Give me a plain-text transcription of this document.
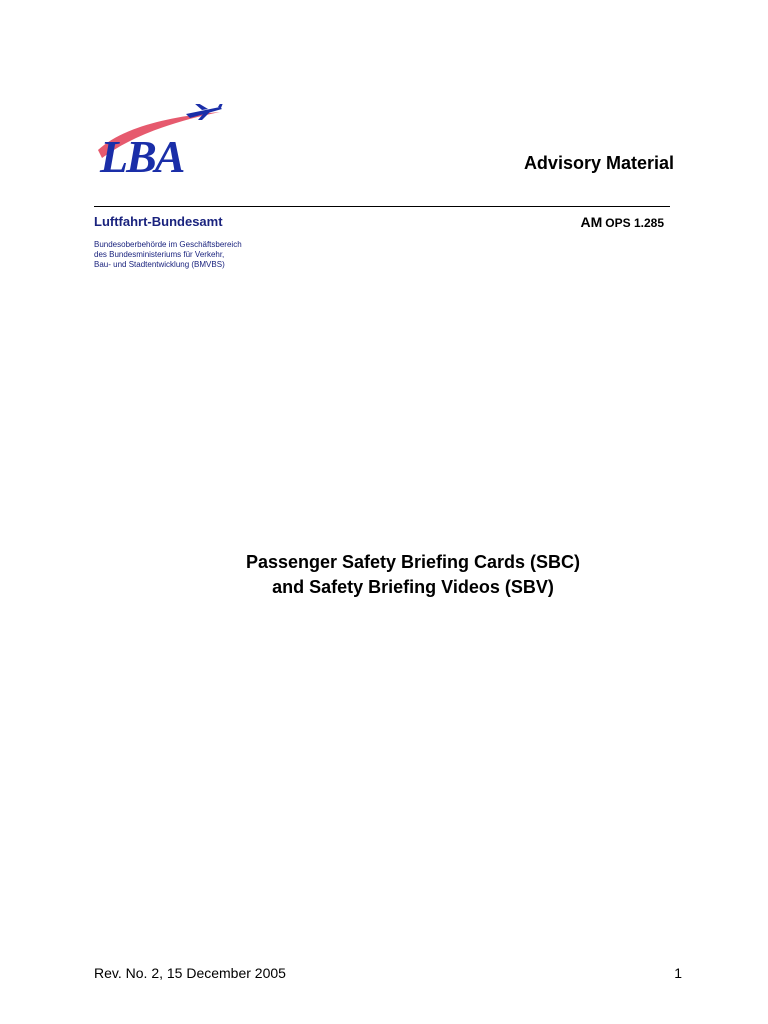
LBA	Advisory Material
Luftfahrt-Bundesamt	AM OPS 1.285
Bundesoberbehörde im Geschäftsbereich
des Bundesministeriums für Verkehr,
Bau- und Stadtentwicklung (BMVBS)
Passenger Safety Briefing Cards (SBC)
and Safety Briefing Videos (SBV)
Rev. No. 2, 15 December 2005	1
